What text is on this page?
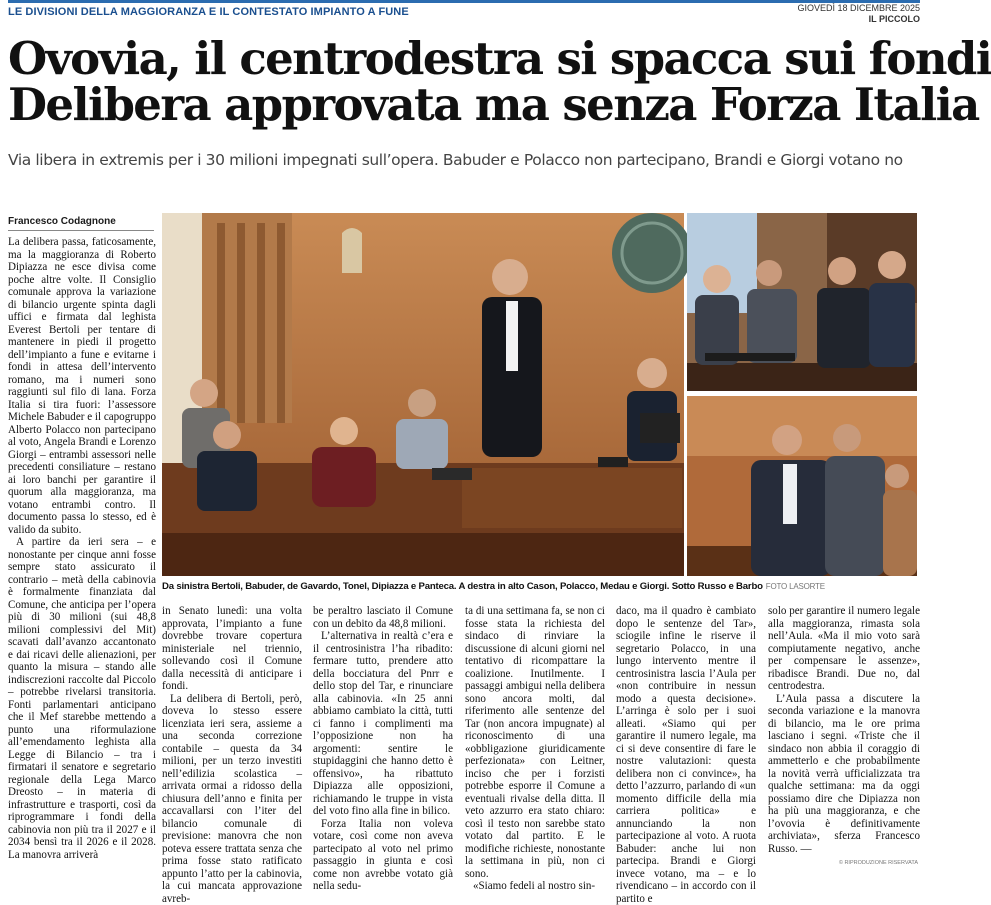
LE DIVISIONI DELLA MAGGIORANZA E IL CONTESTATO IMPIANTO A FUNE	GIOVEDÌ 18 DICEMBRE 2025
IL PICCOLO
Ovovia, il centrodestra si spacca sui fondi
Delibera approvata ma senza Forza Italia
Via libera in extremis per i 30 milioni impegnati sull’opera. Babuder e Polacco non partecipano, Brandi e Giorgi votano no
Francesco Codagnone

La delibera passa, faticosamente, ma la maggioranza di Roberto Dipiazza ne esce divisa come poche altre volte. Il Consiglio comunale approva la variazione di bilancio urgente spinta dagli uffici e firmata dal leghista Everest Bertoli per tentare di mantenere in piedi il progetto dell’impianto a fune e evitarne i fondi in attesa dell’intervento romano, ma i numeri sono raggiunti sul filo di lana. Forza Italia si tira fuori: l’assessore Michele Babuder e il capogruppo Alberto Polacco non partecipano al voto, Angela Brandi e Lorenzo Giorgi – entrambi assessori nelle precedenti consiliature – restano ai loro banchi per garantire il quorum alla maggioranza, ma votano entrambi contro. Il documento passa lo stesso, ed è valido da subito.

A partire da ieri sera – e nonostante per cinque anni fosse sempre stato assicurato il contrario – metà della cabinovia è formalmente finanziata dal Comune, che anticipa per l’opera più di 30 milioni (sui 48,8 milioni complessivi del Mit) scavati dall’avanzo accantonato e dai ricavi delle alienazioni, per quanto la misura – stando alle indiscrezioni raccolte dal Piccolo – potrebbe rivelarsi transitoria. Fonti parlamentari anticipano che il Mef starebbe mettendo a punto una riformulazione all’emendamento leghista alla Legge di Bilancio – tra i firmatari il senatore e segretario regionale della Lega Marco Dreosto – in materia di infrastrutture e trasporti, così da riprogrammare i fondi della cabinovia non più tra il 2027 e il 2034 bensì tra il 2026 e il 2028. La manovra arriverà

Da sinistra Bertoli, Babuder, de Gavardo, Tonel, Dipiazza e Panteca. A destra in alto Cason, Polacco, Medau e Giorgi. Sotto Russo e Barbo FOTO LASORTE

in Senato lunedì: una volta approvata, l’impianto a fune dovrebbe trovare copertura ministeriale nel triennio, sollevando così il Comune dalla necessità di anticipare i fondi.

La delibera di Bertoli, però, doveva lo stesso essere licenziata ieri sera, assieme a una seconda correzione contabile – questa da 34 milioni, per un terzo investiti nell’edilizia scolastica – arrivata ormai a ridosso della chiusura dell’anno e finita per accavallarsi con l’iter del bilancio comunale di previsione: manovra che non poteva essere trattata senza che prima fosse stato ratificato appunto l’atto per la cabinovia, la cui mancata approvazione avreb-

be peraltro lasciato il Comune con un debito da 48,8 milioni.

L’alternativa in realtà c’era e il centrosinistra l’ha ribadito: fermare tutto, prendere atto della bocciatura del Pnrr e dello stop del Tar, e rinunciare alla cabinovia. «In 25 anni abbiamo cambiato la città, tutti ci fanno i complimenti ma l’opposizione non ha argomenti: sentire le stupidaggini che hanno detto è offensivo», ha ribattuto Dipiazza alle opposizioni, richiamando le truppe in vista del voto fino alla fine in bilico.

Forza Italia non voleva votare, così come non aveva partecipato al voto nel primo passaggio in giunta e così come non avrebbe votato già nella sedu-

ta di una settimana fa, se non ci fosse stata la richiesta del sindaco di rinviare la discussione di alcuni giorni nel tentativo di ricompattare la coalizione. Inutilmente. I passaggi ambigui nella delibera sono ancora molti, dal riferimento alle sentenze del Tar (non ancora impugnate) al riconoscimento di una «obbligazione giuridicamente perfezionata» con Leitner, inciso che per i forzisti potrebbe esporre il Comune a eventuali rivalse della ditta. Il veto azzurro era stato chiaro: così il testo non sarebbe stato votato dal partito. E le modifiche richieste, nonostante la settimana in più, non ci sono.

«Siamo fedeli al nostro sin-

daco, ma il quadro è cambiato dopo le sentenze del Tar», sciogile infine le riserve il segretario Polacco, in una lungo intervento mentre il centrosinistra lascia l’Aula per «non contribuire in nessun modo a questa decisione». L’arringa è solo per i suoi alleati. «Siamo qui per garantire il numero legale, ma ci si deve consentire di fare le nostre valutazioni: questa delibera non ci convince», ha detto l’azzurro, parlando di «un momento difficile della mia carriera politica» e annunciando la non partecipazione al voto. A ruota Babuder: anche lui non partecipa. Brandi e Giorgi invece votano, ma – e lo rivendicano – in accordo con il partito e

solo per garantire il numero legale alla maggioranza, rimasta sola nell’Aula. «Ma il mio voto sarà compiutamente negativo, anche per compensare le assenze», ribadisce Brandi. Due no, dal centrodestra.

L’Aula passa a discutere la seconda variazione e la manovra di bilancio, ma le ore prima lasciano i segni. «Triste che il sindaco non abbia il coraggio di ammetterlo e che probabilmente la novità verrà ufficializzata tra qualche settimana: ma da oggi possiamo dire che Dipiazza non ha più una maggioranza, e che l’ovovia è definitivamente archiviata», sferza Francesco Russo. —

© RIPRODUZIONE RISERVATA
